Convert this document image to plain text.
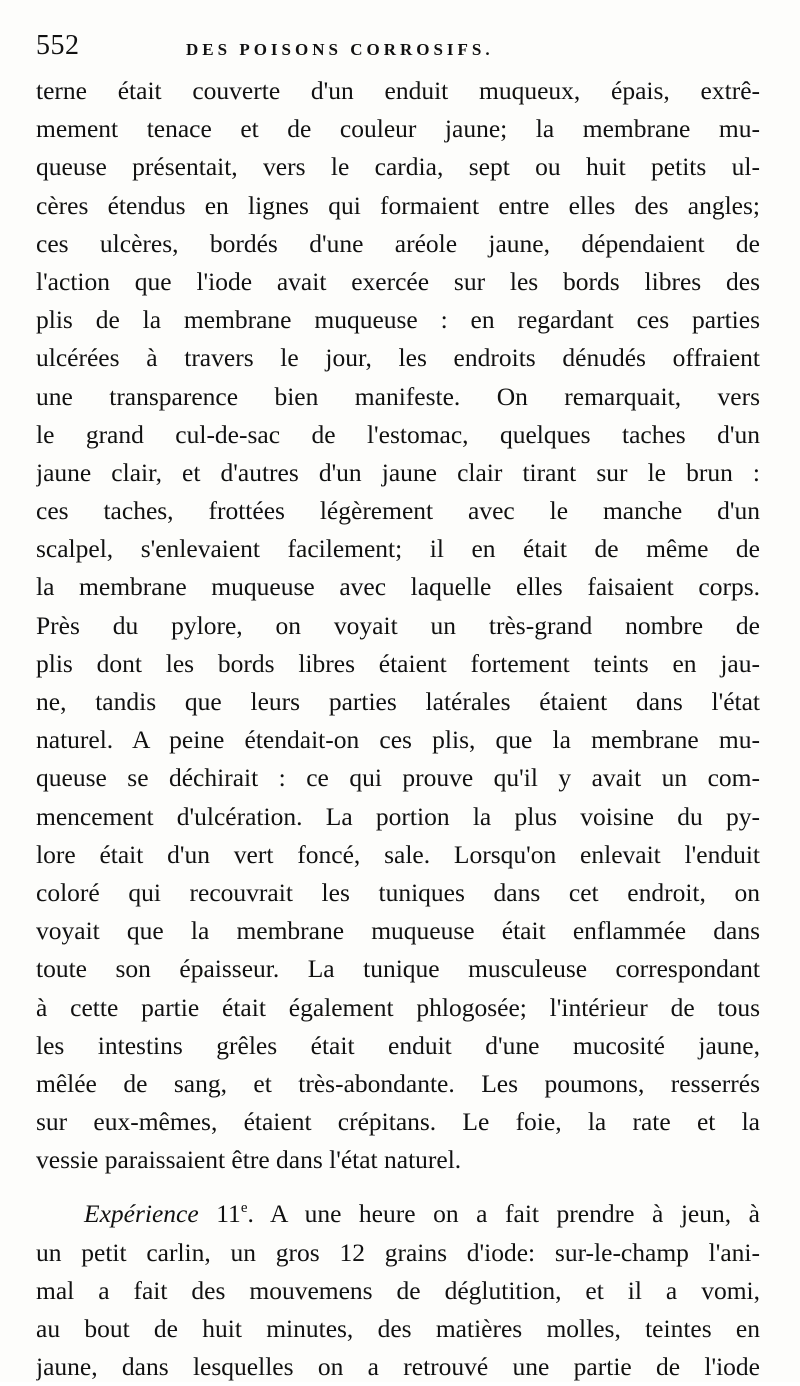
552	DES POISONS CORROSIFS.
terne était couverte d'un enduit muqueux, épais, extrê-
mement tenace et de couleur jaune; la membrane mu-
queuse présentait, vers le cardia, sept ou huit petits ul-
cères étendus en lignes qui formaient entre elles des angles;
ces ulcères, bordés d'une aréole jaune, dépendaient de
l'action que l'iode avait exercée sur les bords libres des
plis de la membrane muqueuse : en regardant ces parties
ulcérées à travers le jour, les endroits dénudés offraient
une transparence bien manifeste. On remarquait, vers
le grand cul-de-sac de l'estomac, quelques taches d'un
jaune clair, et d'autres d'un jaune clair tirant sur le brun :
ces taches, frottées légèrement avec le manche d'un
scalpel, s'enlevaient facilement; il en était de même de
la membrane muqueuse avec laquelle elles faisaient corps.
Près du pylore, on voyait un très-grand nombre de
plis dont les bords libres étaient fortement teints en jau-
ne, tandis que leurs parties latérales étaient dans l'état
naturel. A peine étendait-on ces plis, que la membrane mu-
queuse se déchirait : ce qui prouve qu'il y avait un com-
mencement d'ulcération. La portion la plus voisine du py-
lore était d'un vert foncé, sale. Lorsqu'on enlevait l'enduit
coloré qui recouvrait les tuniques dans cet endroit, on
voyait que la membrane muqueuse était enflammée dans
toute son épaisseur. La tunique musculeuse correspondant
à cette partie était également phlogosée; l'intérieur de tous
les intestins grêles était enduit d'une mucosité jaune,
mêlée de sang, et très-abondante. Les poumons, resserrés
sur eux-mêmes, étaient crépitans. Le foie, la rate et la
vessie paraissaient être dans l'état naturel.
Expérience 11e. A une heure on a fait prendre à jeun, à
un petit carlin, un gros 12 grains d'iode: sur-le-champ l'ani-
mal a fait des mouvemens de déglutition, et il a vomi,
au bout de huit minutes, des matières molles, teintes en
jaune, dans lesquelles on a retrouvé une partie de l'iode
